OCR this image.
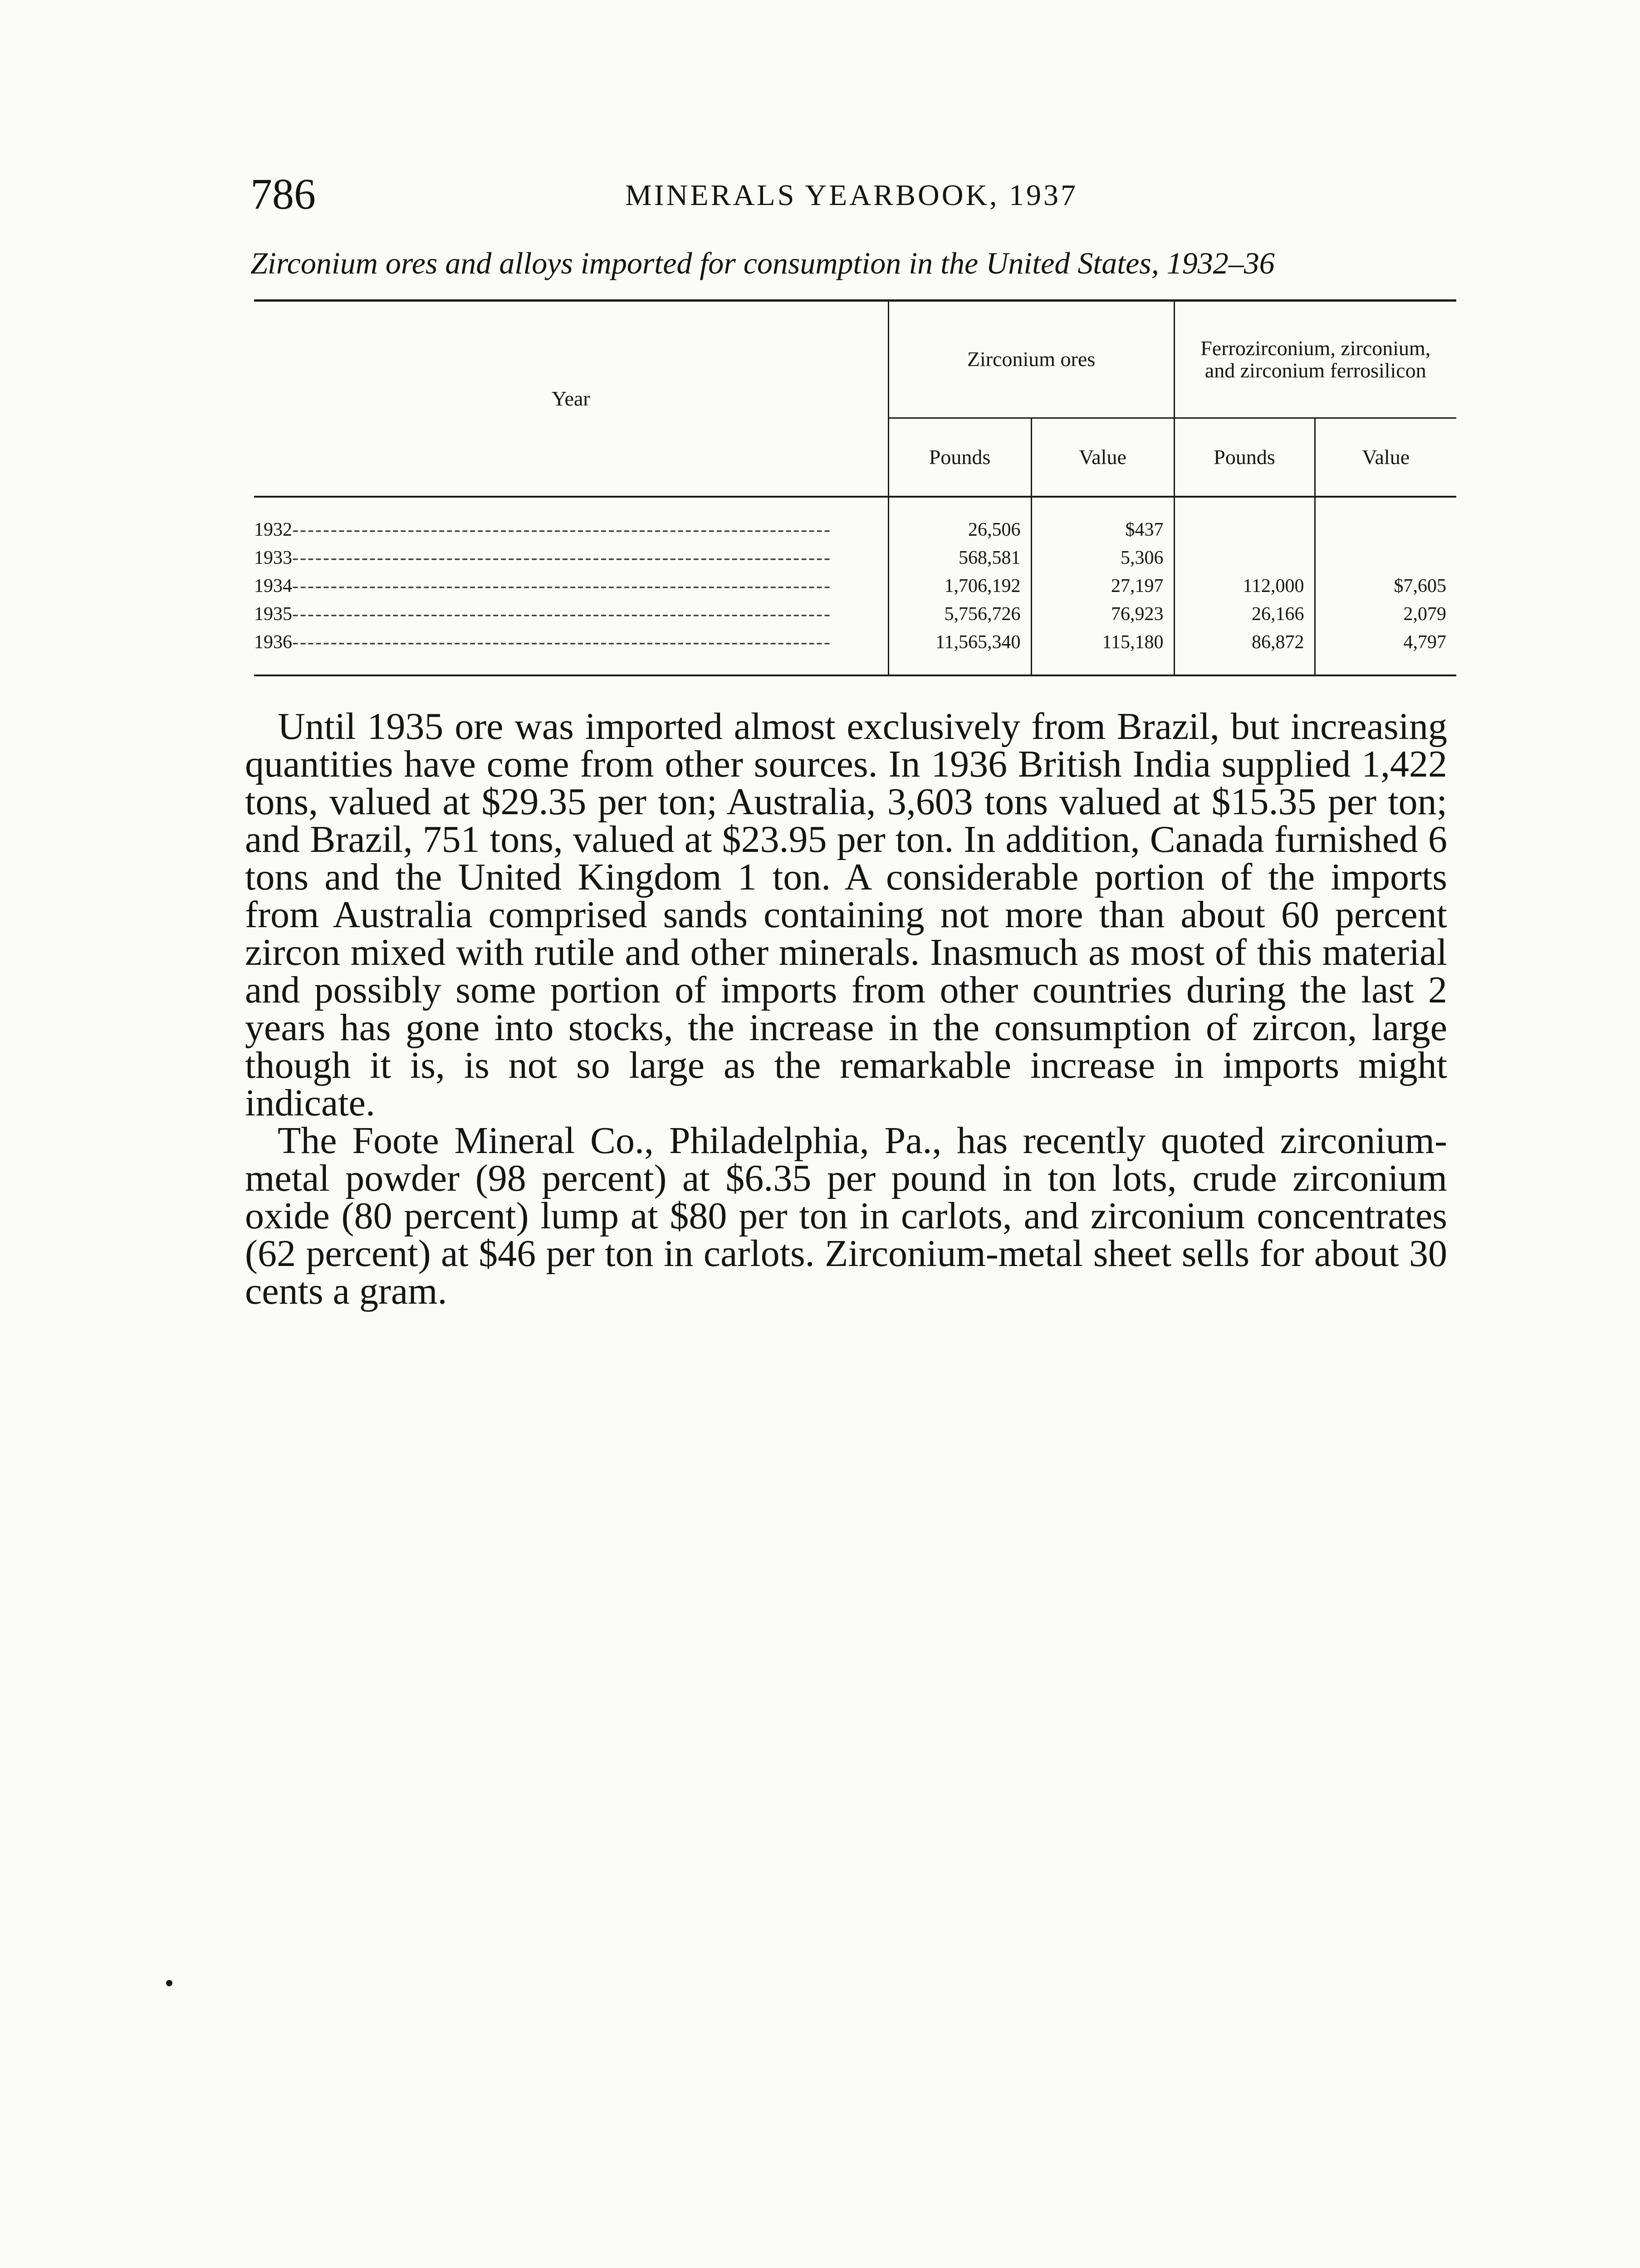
786	MINERALS YEARBOOK, 1937
Zirconium ores and alloys imported for consumption in the United States, 1932–36
Year	Zirconium ores		Ferrozirconium, zirconium, and zirconium ferrosilicon	
	Pounds	Value	Pounds	Value
1932----------------------------------------------------------------------	26,506	$437		
1933----------------------------------------------------------------------	568,581	5,306		
1934----------------------------------------------------------------------	1,706,192	27,197	112,000	$7,605
1935----------------------------------------------------------------------	5,756,726	76,923	26,166	2,079
1936----------------------------------------------------------------------	11,565,340	115,180	86,872	4,797

Until 1935 ore was imported almost exclusively from Brazil, but increasing quantities have come from other sources. In 1936 British India supplied 1,422 tons, valued at $29.35 per ton; Australia, 3,603 tons valued at $15.35 per ton; and Brazil, 751 tons, valued at $23.95 per ton. In addition, Canada furnished 6 tons and the United Kingdom 1 ton. A considerable portion of the imports from Australia comprised sands containing not more than about 60 percent zircon mixed with rutile and other minerals. Inasmuch as most of this material and possibly some portion of imports from other countries during the last 2 years has gone into stocks, the increase in the consumption of zircon, large though it is, is not so large as the remarkable increase in imports might indicate.

The Foote Mineral Co., Philadelphia, Pa., has recently quoted zirconium-metal powder (98 percent) at $6.35 per pound in ton lots, crude zirconium oxide (80 percent) lump at $80 per ton in carlots, and zirconium concentrates (62 percent) at $46 per ton in carlots. Zirconium-metal sheet sells for about 30 cents a gram.
